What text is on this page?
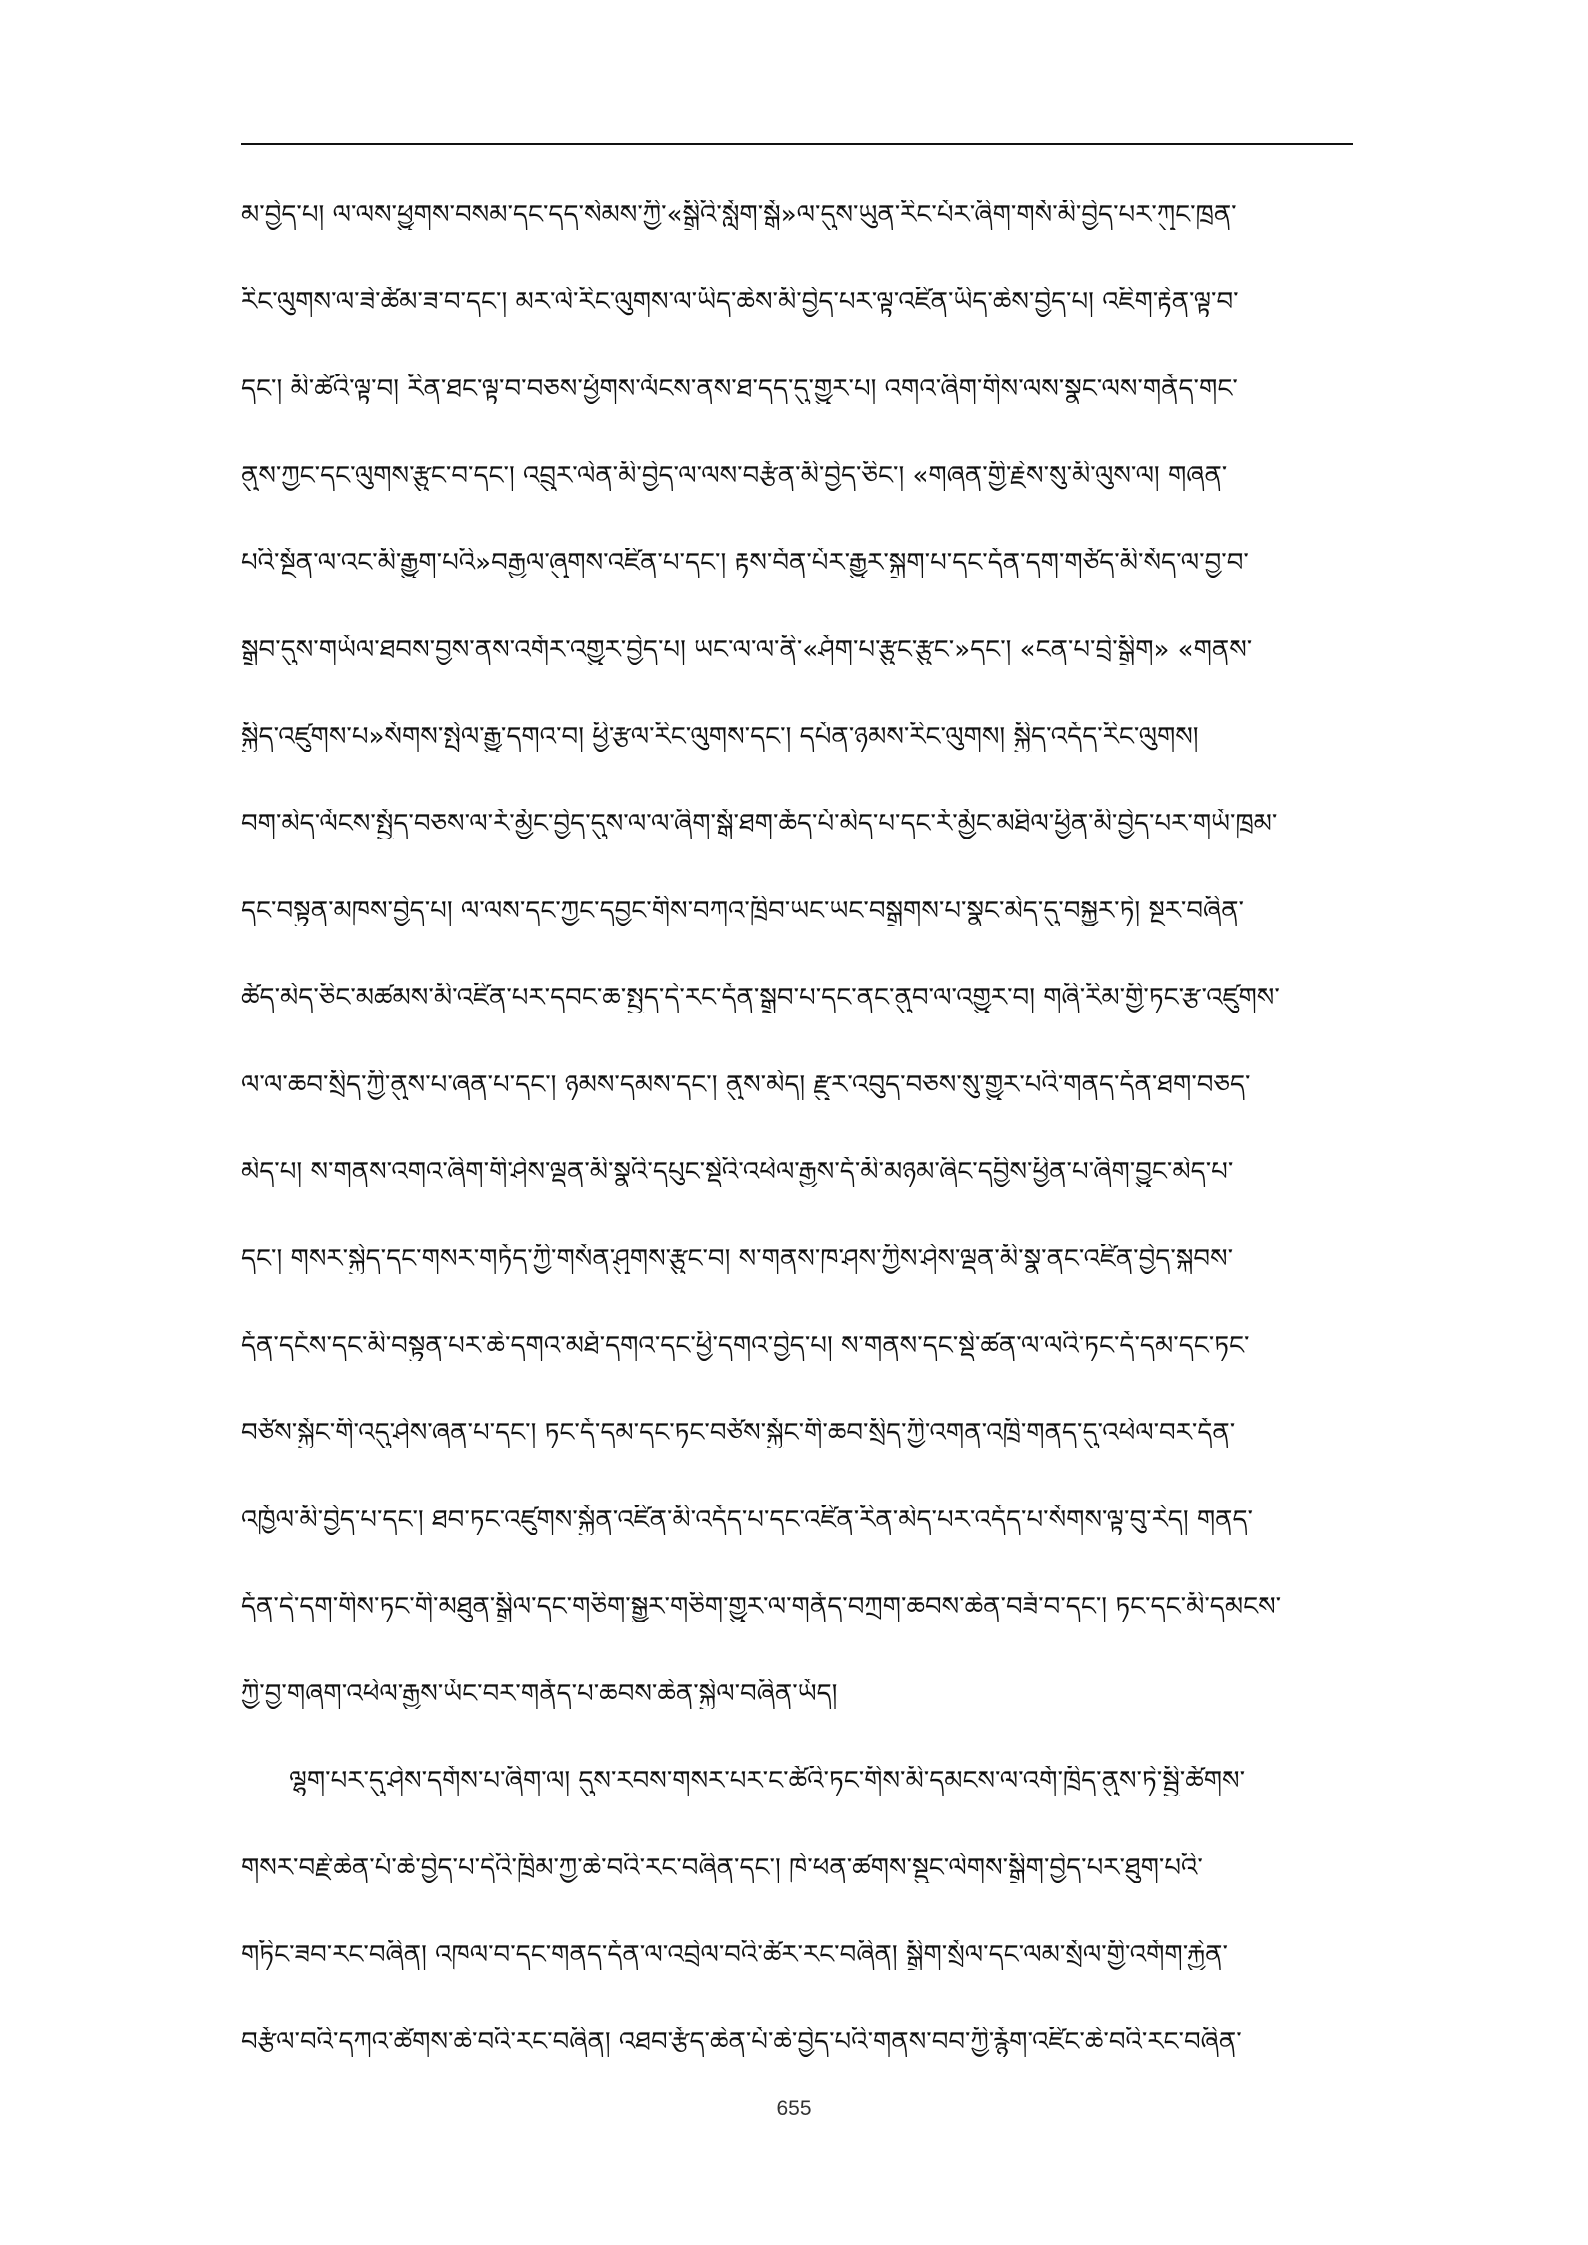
མ་བྱེད་པ། ལ་ལས་ཕྱུགས་བསམ་དང་དད་སེམས་ཀྱི་«སྒྲིའི་སློག་སྒོ»ལ་དུས་ཡུན་རིང་པོར་ཞིག་གསོ་མི་བྱེད་པར་ཀུང་ཁྲན་
རིང་ལུགས་ལ་ཟེ་ཚོམ་ཟ་བ་དང་། མར་ལེ་རིང་ལུགས་ལ་ཡིད་ཆེས་མི་བྱེད་པར་ལྟ་འཛིན་ཡིད་ཆེས་བྱེད་པ། འཇིག་རྟེན་ལྟ་བ་
དང་། མི་ཚེའི་ལྟ་བ། རིན་ཐང་ལྟ་བ་བཅས་ཕྱོགས་ལོངས་ནས་ཐ་དད་དུ་གྱུར་པ། འགའ་ཞིག་གིས་ལས་སྣང་ལས་གནོད་གང་
ནུས་ཀྱང་དང་ལུགས་རྩུང་བ་དང་། འབྲུར་ལེན་མི་བྱེད་ལ་ལས་བརྩོན་མི་བྱེད་ཅིང་། «གཞན་གྱི་རྗེས་སུ་མི་ལུས་ལ། གཞན་
པའི་སྔོན་ལ་འང་མི་རྒྱུག་པའི»བརྒྱལ་ཞུགས་འཛིན་པ་དང་། རྟས་བོན་པོར་རྒྱུར་སྐྲག་པ་དང་དོན་དག་གཙོད་མི་སོད་ལ་བྱ་བ་
སྒྲུབ་དུས་གཡོལ་ཐབས་བྱས་ནས་འགོར་འགྱུར་བྱེད་པ། ཡང་ལ་ལ་ནི་«ཤོག་པ་རྩུང་རྩུང་»དང་། «ངན་པ་བྲེ་སྒྲིག» «གནས་
སྐྱིད་འཛུགས་པ»སོགས་སྤེལ་རྒྱུ་དགའ་བ། ཕྱི་རྩལ་རིང་ལུགས་དང་། དཔོན་ཉམས་རིང་ལུགས། སྐྱིད་འདོད་རིང་ལུགས།
བག་མེད་ལོངས་སྤྱོད་བཅས་ལ་རོ་མྱོང་བྱེད་དུས་ལ་ལ་ཞིག་སྒོ་ཐག་ཆོད་པོ་མེད་པ་དང་རོ་མྱོང་མཐིལ་ཕྱིན་མི་བྱེད་པར་གཡོ་ཁྲམ་
དང་བསྟུན་མཁས་བྱེད་པ། ལ་ལས་དང་ཀྱང་དབྱང་གིས་བཀའ་ཁྲིབ་ཡང་ཡང་བསྒྲགས་པ་སྣང་མེད་དུ་བསྐྱུར་ཏེ། སྔར་བཞིན་
ཚོད་མེད་ཅིང་མཚམས་མི་འཛིན་པར་དབང་ཆ་སྤྱད་དེ་རང་དོན་སྒྲུབ་པ་དང་ནང་ནུབ་ལ་འགྱུར་བ། གཞི་རིམ་གྱི་ཏང་རྩ་འཛུགས་
ལ་ལ་ཆབ་སྲིད་ཀྱི་ནུས་པ་ཞན་པ་དང་། ཉམས་དམས་དང་། ནུས་མེད། རྫུར་འབུད་བཅས་སུ་གྱུར་པའི་གནད་དོན་ཐག་བཅད་
མེད་པ། ས་གནས་འགའ་ཞིག་གི་ཤེས་ལྡན་མི་སྣའི་དཔུང་སྡེའི་འཕེལ་རྒྱས་དོ་མི་མཉམ་ཞིང་དབྱིས་ཕྱིན་པ་ཞིག་བྱུང་མེད་པ་
དང་། གསར་སྐྱེད་དང་གསར་གཏོད་ཀྱི་གསོན་ཤུགས་རྩུང་བ། ས་གནས་ཁ་ཤས་ཀྱིས་ཤེས་ལྡན་མི་སྣ་ནང་འཛིན་བྱེད་སྐབས་
དོན་དངོས་དང་མི་བསྟུན་པར་ཆེ་དགའ་མཐོ་དགའ་དང་ཕྱི་དགའ་བྱེད་པ། ས་གནས་དང་སྡེ་ཚན་ལ་ལའི་ཏང་དོ་དམ་དང་ཏང་
བཙོས་སྐྱོང་གི་འདུ་ཤེས་ཞན་པ་དང་། ཏང་དོ་དམ་དང་ཏང་བཙོས་སྐྱོང་གི་ཆབ་སྲིད་ཀྱི་འགན་འཁྲི་གནད་དུ་འཕེལ་བར་དོན་
འཁྱོལ་མི་བྱེད་པ་དང་། ཐབ་ཏང་འཛུགས་སྐྱོན་འཛིན་མི་འདོད་པ་དང་འཛིན་རིན་མེད་པར་འདོད་པ་སོགས་ལྟ་བུ་རེད། གནད་
དོན་དེ་དག་གིས་ཏང་གི་མཐུན་སྒྲིལ་དང་གཅིག་སྒྱུར་གཅིག་གྱུར་ལ་གནོད་བཀྲག་ཆབས་ཆེན་བཟོ་བ་དང་། ཏང་དང་མི་དམངས་
ཀྱི་བྱ་གཞག་འཕེལ་རྒྱས་ཡོང་བར་གནོད་པ་ཆབས་ཆེན་སྐྱེལ་བཞིན་ཡོད།
ལྷག་པར་དུ་ཤེས་དགོས་པ་ཞིག་ལ། དུས་རབས་གསར་པར་ང་ཚོའི་ཏང་གིས་མི་དམངས་ལ་འགོ་ཁྲིད་ནུས་ཏེ་སྦྱི་ཚོགས་
གསར་བརྗེ་ཆེན་པོ་ཆེ་བྱེད་པ་དེའི་ཁྲིམ་ཀྱ་ཆེ་བའི་རང་བཞིན་དང་། ཁེ་ཕན་ཚགས་སྡུང་ལེགས་སྒྲིག་བྱེད་པར་ཐུག་པའི་
གཏིང་ཟབ་རང་བཞིན། འཁལ་བ་དང་གནད་དོན་ལ་འབྲེལ་བའི་ཚོར་རང་བཞིན། སྒྲིག་སྲོལ་དང་ལམ་སྲོལ་གྱི་འགོག་རྐྱེན་
བརྩོལ་བའི་དཀའ་ཚེགས་ཆེ་བའི་རང་བཞིན། འཐབ་རྩོད་ཆེན་པོ་ཆེ་བྱེད་པའི་གནས་བབ་ཀྱི་རྙོག་འཛིང་ཆེ་བའི་རང་བཞིན་
655
